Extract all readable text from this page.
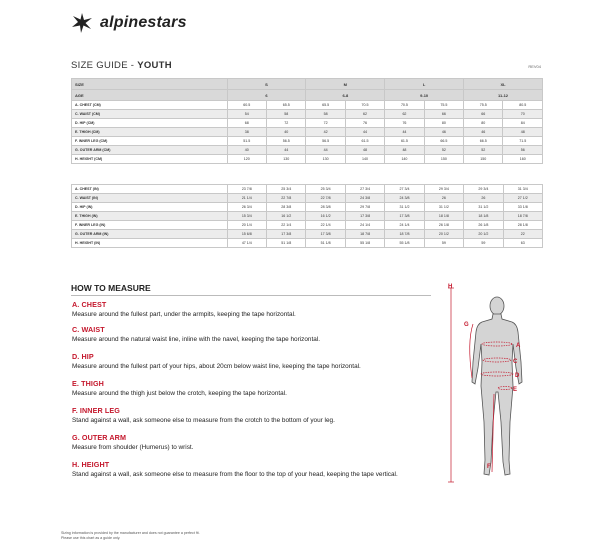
alpinestars
SIZE GUIDE - YOUTH	REV04
SIZE	S		M		L		XL	
AGE	6		6-8		9-10		11-12	
A. CHEST (CM)	60.5	65.5	65.5	70.5	70.5	75.5	75.5	80.5
C. WAIST (CM)	54	58	58	62	62	66	66	70
D. HIP (CM)	68	72	72	76	76	80	80	84
E. THIGH (CM)	38	40	42	44	44	46	46	48
F. INNER LEG (CM)	51.5	56.5	56.5	61.5	61.5	66.5	66.5	71.5
G. OUTER ARM (CM)	40	44	44	48	48	52	52	56
H. HEIGHT (CM)	120	130	130	140	140	150	150	160
A. CHEST (IN)	23 7/8	25 3/4	25 3/4	27 3/4	27 3/4	29 3/4	29 3/4	31 3/4
C. WAIST (IN)	21 1/4	22 7/8	22 7/8	24 3/8	24 3/8	26	26	27 1/2
D. HIP (IN)	26 3/4	28 3/8	28 3/8	29 7/8	31 1/2	31 1/2	31 1/2	33 1/8
E. THIGH (IN)	15 3/4	16 1/2	16 1/2	17 3/8	17 3/8	18 1/8	18 1/8	18 7/8
F. INNER LEG (IN)	20 1/4	22 1/4	22 1/4	24 1/4	24 1/4	26 1/8	26 1/8	28 1/8
G. OUTER ARM (IN)	15 6/8	17 3/8	17 3/8	18 7/8	18 7/8	20 1/2	20 1/2	22
H. HEIGHT (IN)	47 1/4	51 1/8	51 1/8	55 1/8	55 1/8	59	59	63
HOW TO MEASURE
A. CHEST
Measure around the fullest part, under the armpits, keeping the tape horizontal.
C. WAIST
Measure around the natural waist line, inline with the navel, keeping the tape horizontal.
D. HIP
Measure around the fullest part of your hips, about 20cm below waist line, keeping the tape horizontal.
E. THIGH
Measure around the thigh just below the crotch, keeping the tape horizontal.
F. INNER LEG
Stand against a wall, ask someone else to measure from the crotch to the bottom of your leg.
G. OUTER ARM
Measure from shoulder (Humerus) to wrist.
H. HEIGHT
Stand against a wall, ask someone else to measure from the floor to the top of your head, keeping the tape vertical.
H
G
A
C
D
E
F
Sizing information is provided by the manufacturer and does not guarantee a perfect fit.
Please use this chart as a guide only.
